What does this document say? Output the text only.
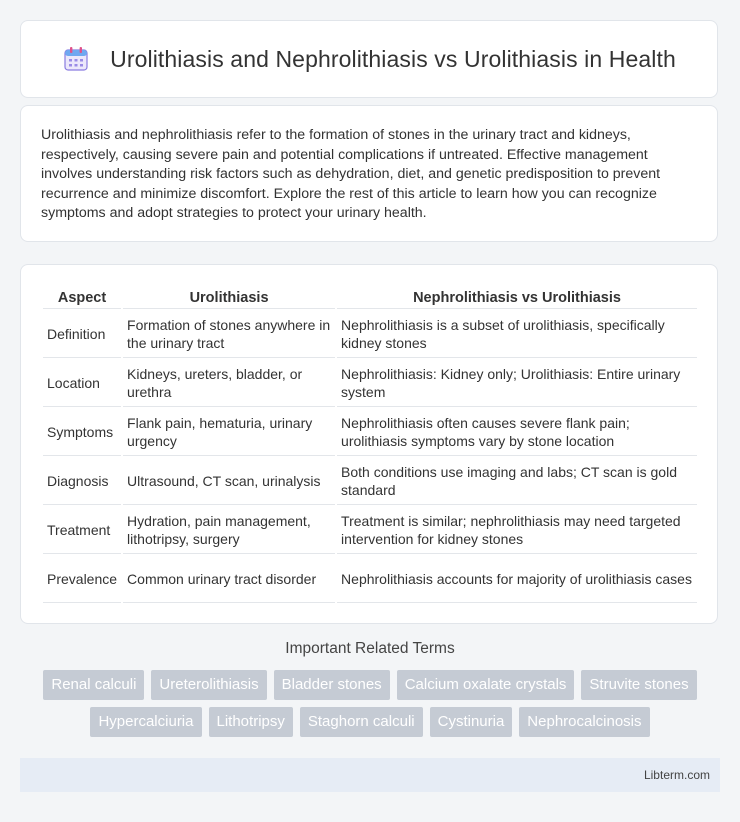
Urolithiasis and Nephrolithiasis vs Urolithiasis in Health

Urolithiasis and nephrolithiasis refer to the formation of stones in the urinary tract and kidneys, respectively, causing severe pain and potential complications if untreated. Effective management involves understanding risk factors such as dehydration, diet, and genetic predisposition to prevent recurrence and minimize discomfort. Explore the rest of this article to learn how you can recognize symptoms and adopt strategies to protect your urinary health.

Aspect	Urolithiasis	Nephrolithiasis vs Urolithiasis
Definition	Formation of stones anywhere in the urinary tract	Nephrolithiasis is a subset of urolithiasis, specifically kidney stones
Location	Kidneys, ureters, bladder, or urethra	Nephrolithiasis: Kidney only; Urolithiasis: Entire urinary system
Symptoms	Flank pain, hematuria, urinary urgency	Nephrolithiasis often causes severe flank pain; urolithiasis symptoms vary by stone location
Diagnosis	Ultrasound, CT scan, urinalysis	Both conditions use imaging and labs; CT scan is gold standard
Treatment	Hydration, pain management, lithotripsy, surgery	Treatment is similar; nephrolithiasis may need targeted intervention for kidney stones
Prevalence	Common urinary tract disorder	Nephrolithiasis accounts for majority of urolithiasis cases
Important Related Terms
Renal calculi	Ureterolithiasis	Bladder stones	Calcium oxalate crystals	Struvite stones
Hypercalciuria	Lithotripsy	Staghorn calculi	Cystinuria	Nephrocalcinosis
Libterm.com
